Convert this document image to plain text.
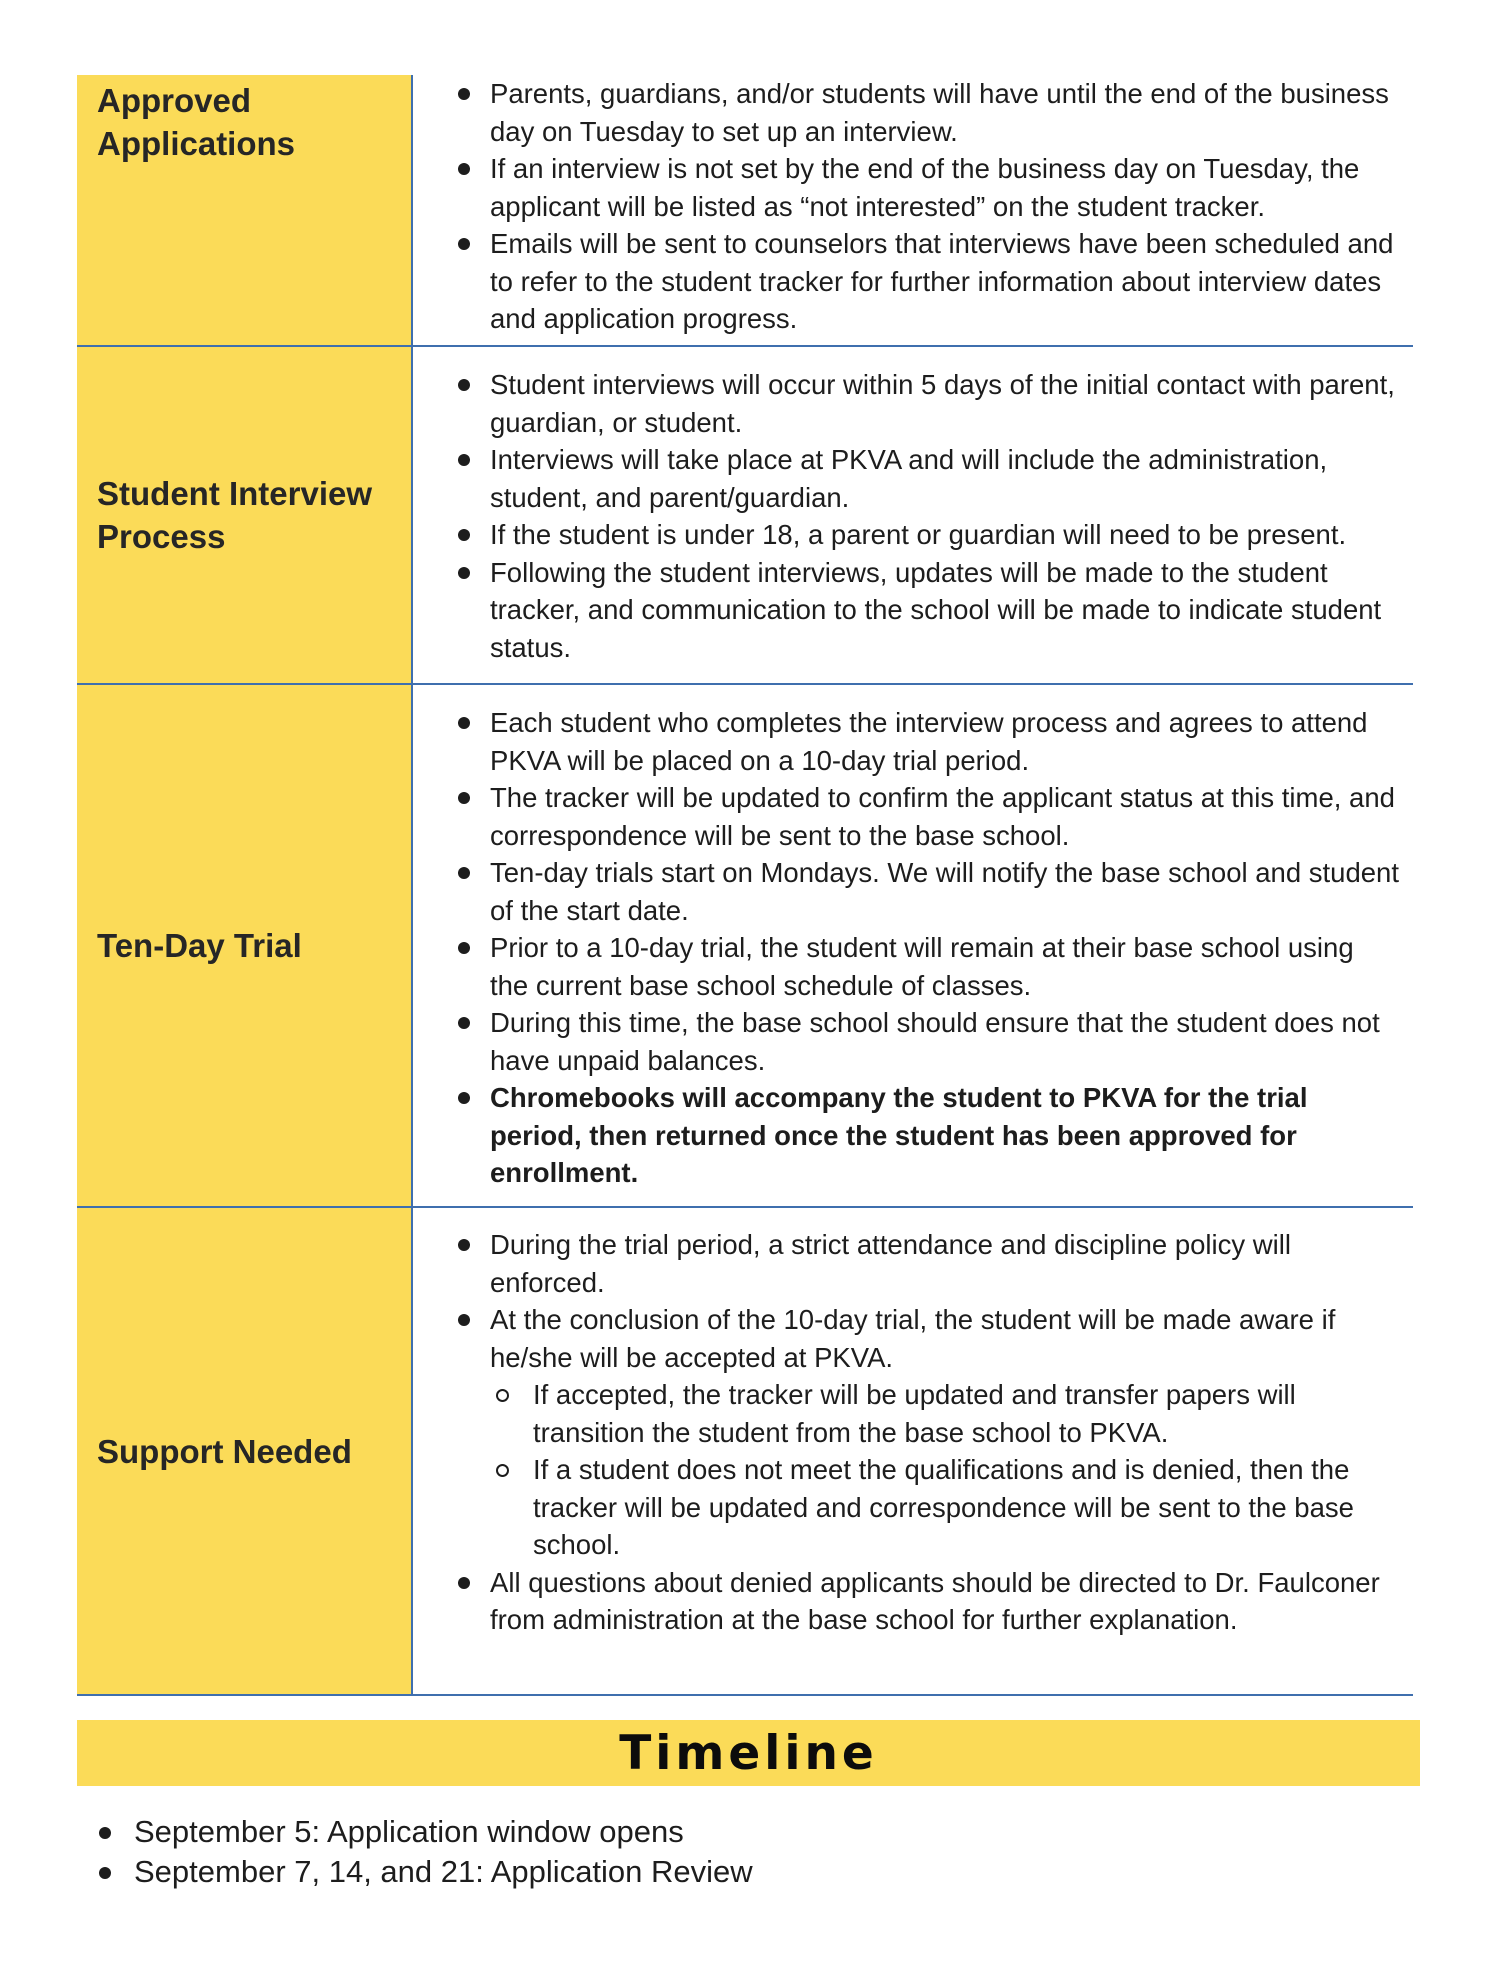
Approved Applications
Parents, guardians, and/or students will have until the end of the business day on Tuesday to set up an interview.
If an interview is not set by the end of the business day on Tuesday, the applicant will be listed as “not interested” on the student tracker.
Emails will be sent to counselors that interviews have been scheduled and to refer to the student tracker for further information about interview dates and application progress.
Student Interview Process
Student interviews will occur within 5 days of the initial contact with parent, guardian, or student.
Interviews will take place at PKVA and will include the administration, student, and parent/guardian.
If the student is under 18, a parent or guardian will need to be present.
Following the student interviews, updates will be made to the student tracker, and communication to the school will be made to indicate student status.
Ten-Day Trial
Each student who completes the interview process and agrees to attend PKVA will be placed on a 10-day trial period.
The tracker will be updated to confirm the applicant status at this time, and correspondence will be sent to the base school.
Ten-day trials start on Mondays. We will notify the base school and student of the start date.
Prior to a 10-day trial, the student will remain at their base school using the current base school schedule of classes.
During this time, the base school should ensure that the student does not have unpaid balances.
Chromebooks will accompany the student to PKVA for the trial period, then returned once the student has been approved for enrollment.
Support Needed
During the trial period, a strict attendance and discipline policy will enforced.
At the conclusion of the 10-day trial, the student will be made aware if he/she will be accepted at PKVA.
If accepted, the tracker will be updated and transfer papers will transition the student from the base school to PKVA.
If a student does not meet the qualifications and is denied, then the tracker will be updated and correspondence will be sent to the base school.
All questions about denied applicants should be directed to Dr. Faulconer from administration at the base school for further explanation.
Timeline
September 5: Application window opens
September 7, 14, and 21: Application Review
